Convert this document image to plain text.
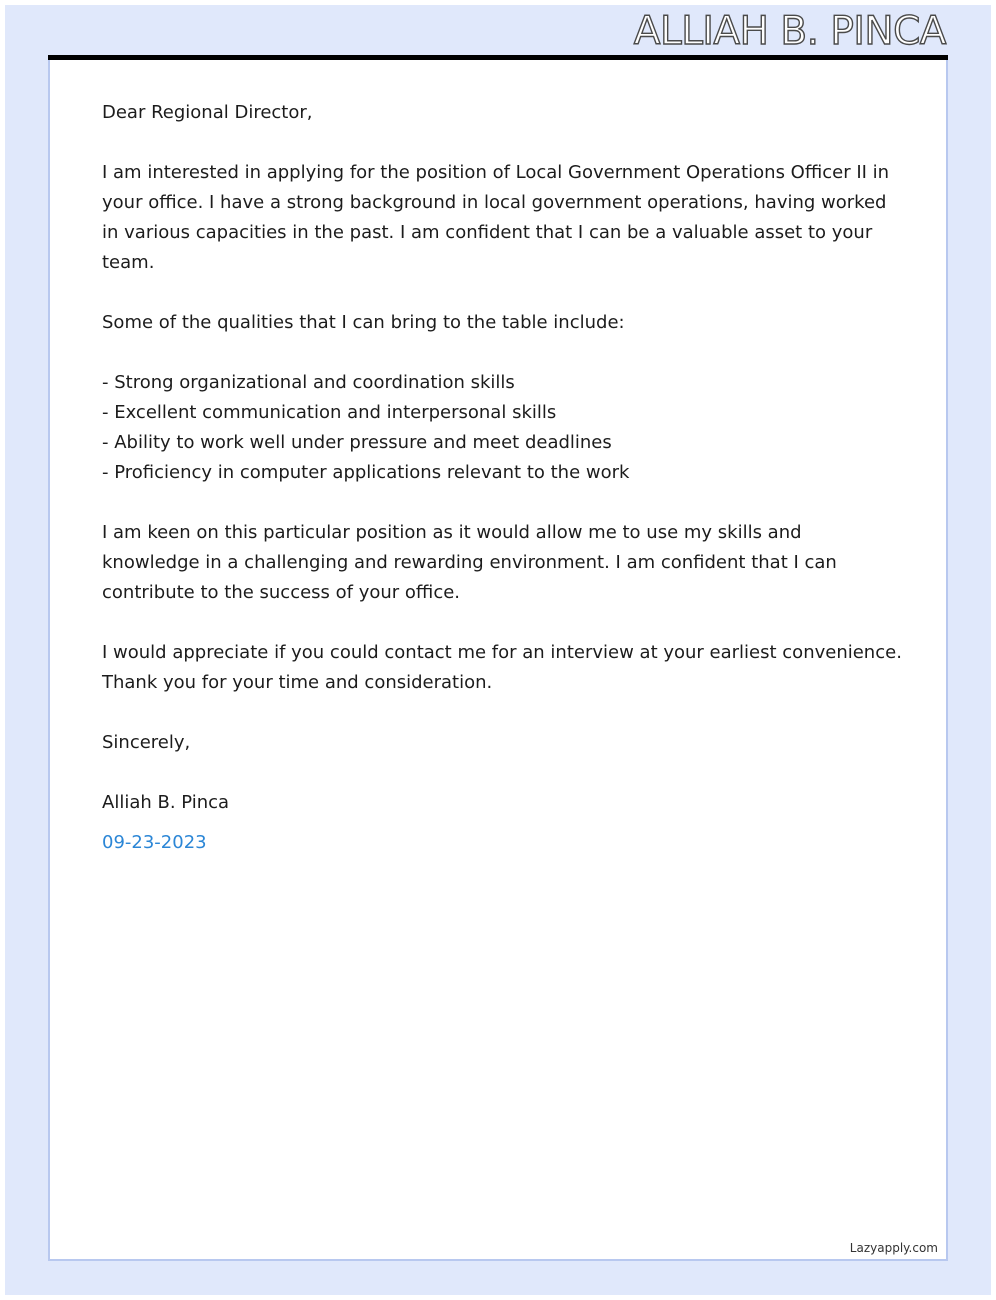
ALLIAH B. PINCA

Dear Regional Director,

I am interested in applying for the position of Local Government Operations Officer II in your office. I have a strong background in local government operations, having worked in various capacities in the past. I am confident that I can be a valuable asset to your team.

Some of the qualities that I can bring to the table include:

- Strong organizational and coordination skills
- Excellent communication and interpersonal skills
- Ability to work well under pressure and meet deadlines
- Proficiency in computer applications relevant to the work

I am keen on this particular position as it would allow me to use my skills and knowledge in a challenging and rewarding environment. I am confident that I can contribute to the success of your office.

I would appreciate if you could contact me for an interview at your earliest convenience. Thank you for your time and consideration.

Sincerely,

Alliah B. Pinca

09-23-2023

Lazyapply.com
